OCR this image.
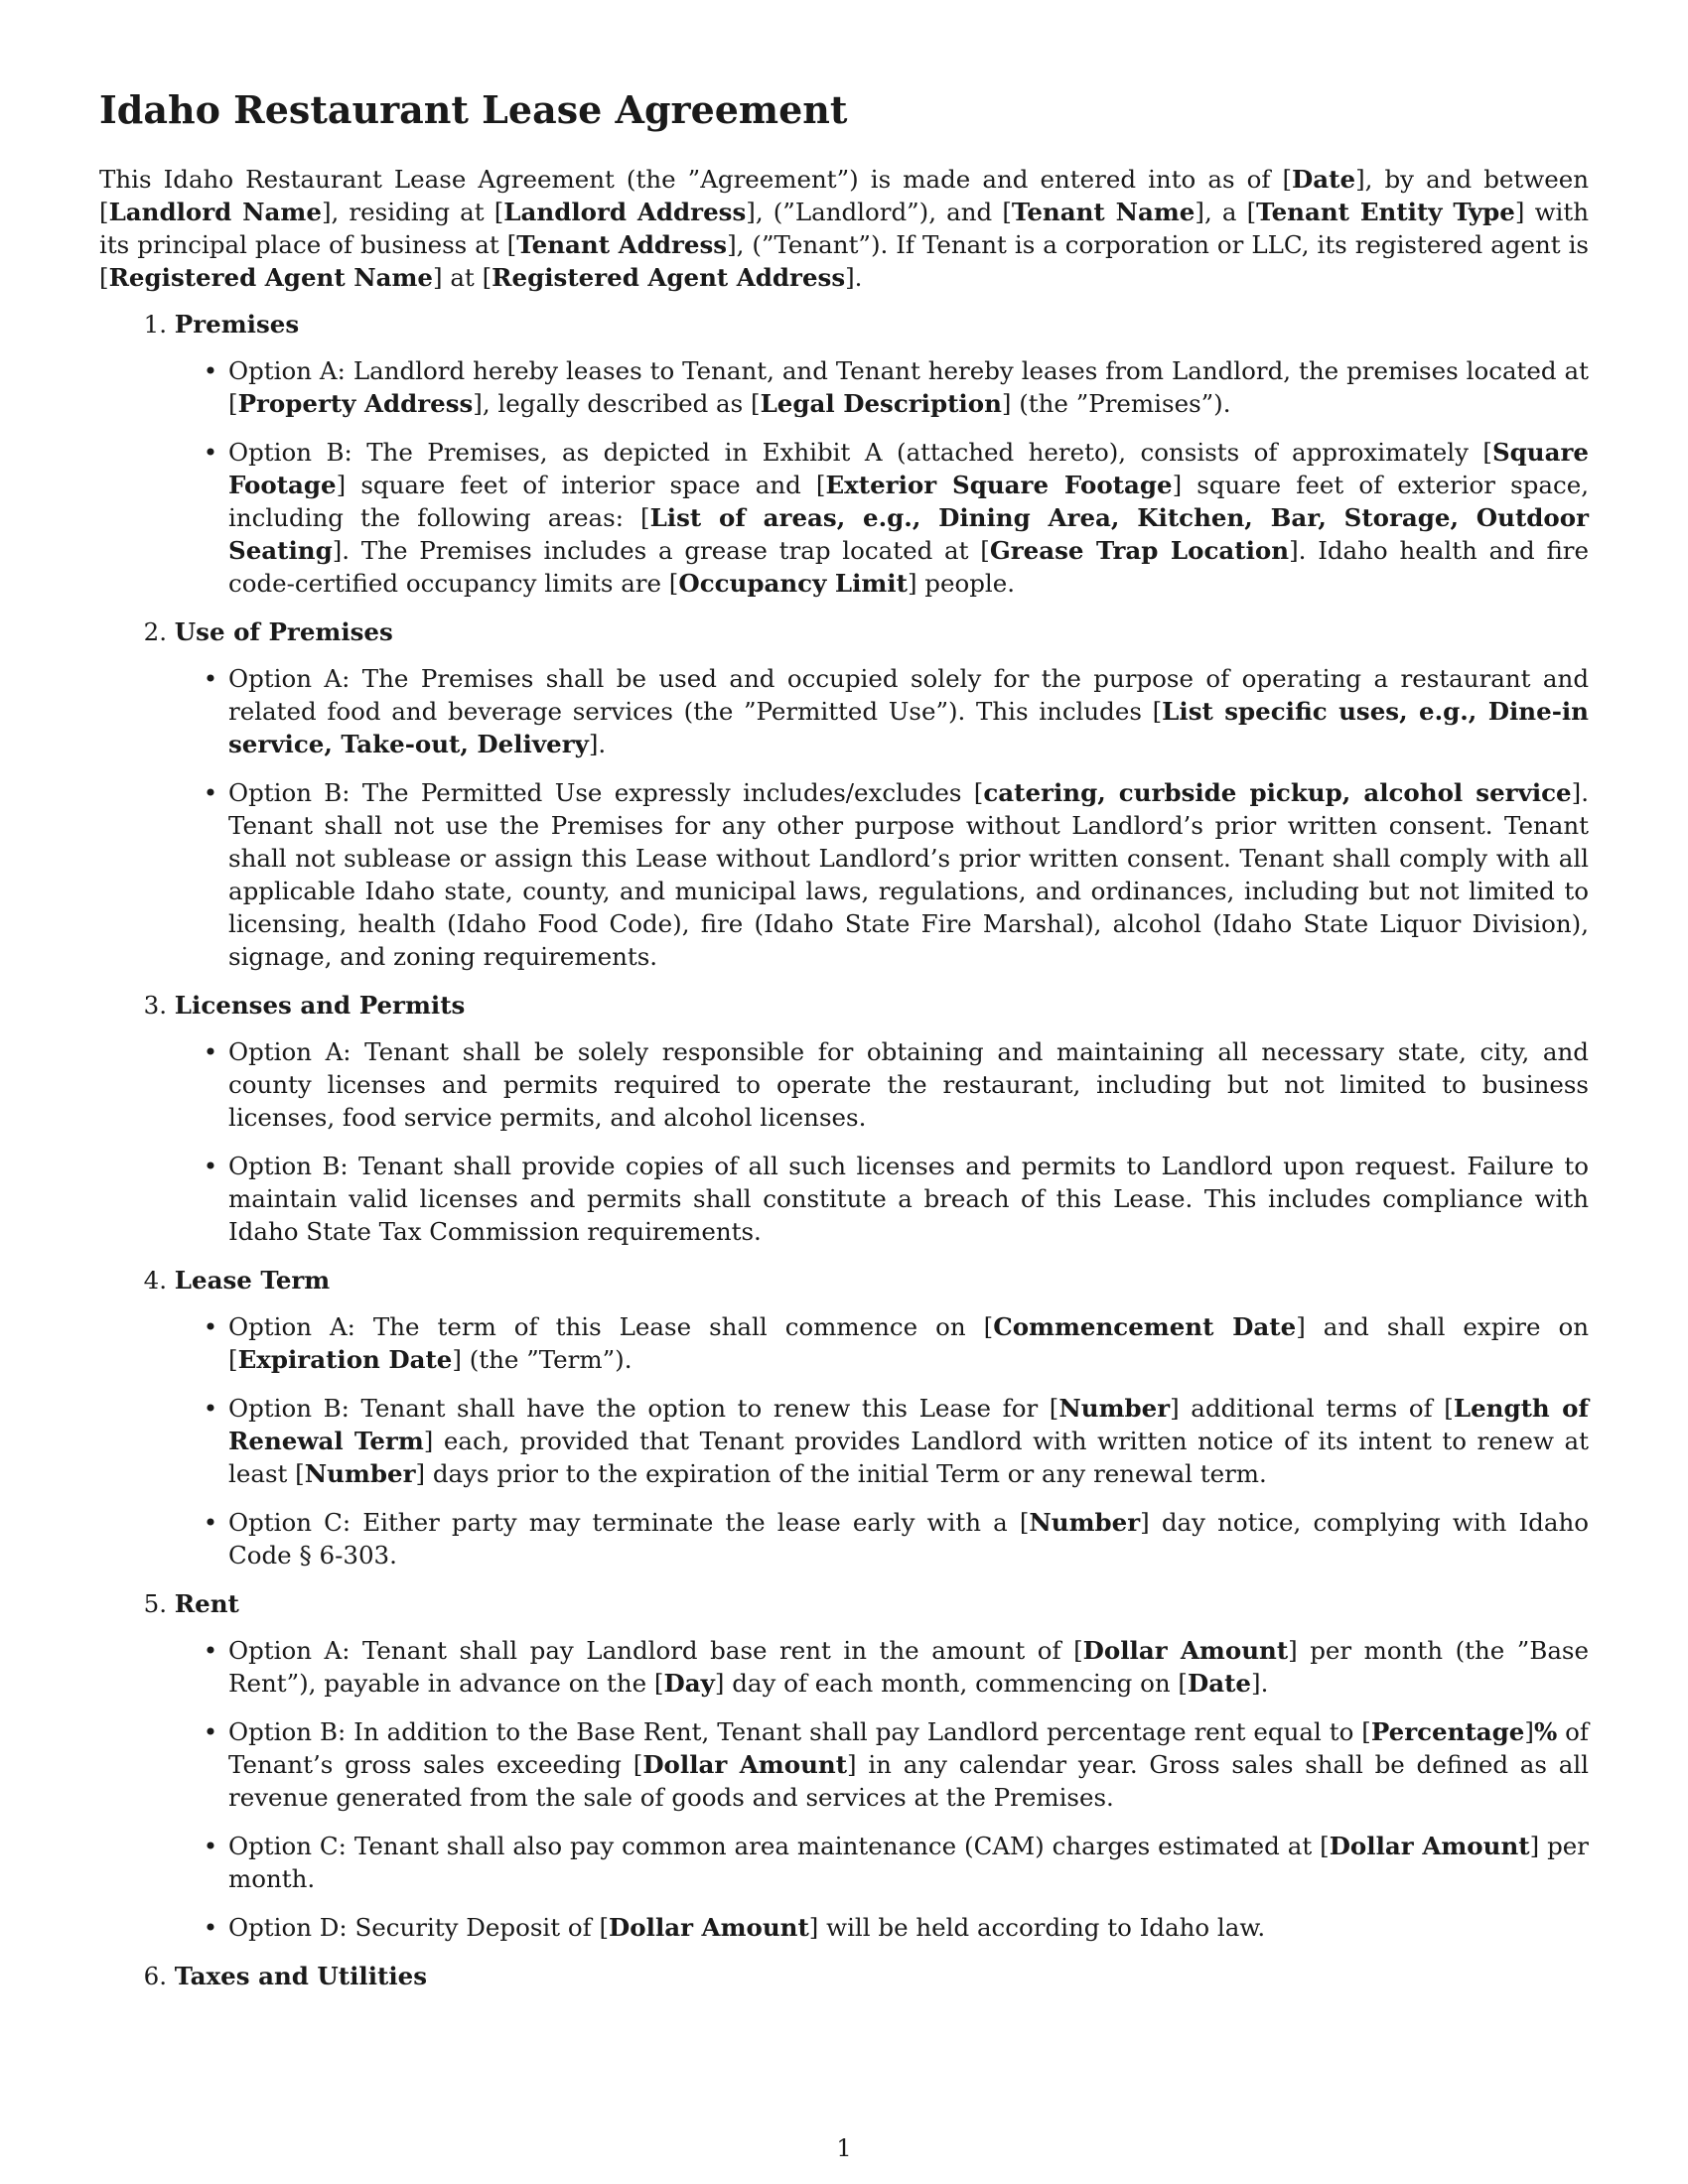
Idaho Restaurant Lease Agreement

This Idaho Restaurant Lease Agreement (the ”Agreement”) is made and entered into as of [Date], by and between [Landlord Name], residing at [Landlord Address], (”Landlord”), and [Tenant Name], a [Tenant Entity Type] with its principal place of business at [Tenant Address], (”Tenant”). If Tenant is a corporation or LLC, its registered agent is [Registered Agent Name] at [Registered Agent Address].

1.
Premises
• Option A: Landlord hereby leases to Tenant, and Tenant hereby leases from Landlord, the premises located at [Property Address], legally described as [Legal Description] (the ”Premises”).
• Option B: The Premises, as depicted in Exhibit A (attached hereto), consists of approximately [Square Footage] square feet of interior space and [Exterior Square Footage] square feet of exterior space, including the following areas: [List of areas, e.g., Dining Area, Kitchen, Bar, Storage, Outdoor Seating]. The Premises includes a grease trap located at [Grease Trap Location]. Idaho health and fire code-certified occupancy limits are [Occupancy Limit] people.
2.
Use of Premises
• Option A: The Premises shall be used and occupied solely for the purpose of operating a restaurant and related food and beverage services (the ”Permitted Use”). This includes [List specific uses, e.g., Dine-in service, Take-out, Delivery].
• Option B: The Permitted Use expressly includes/excludes [catering, curbside pickup, alcohol service]. Tenant shall not use the Premises for any other purpose without Landlord’s prior written consent. Tenant shall not sublease or assign this Lease without Landlord’s prior written consent. Tenant shall comply with all applicable Idaho state, county, and municipal laws, regulations, and ordinances, including but not limited to licensing, health (Idaho Food Code), fire (Idaho State Fire Marshal), alcohol (Idaho State Liquor Division), signage, and zoning requirements.
3.
Licenses and Permits
• Option A: Tenant shall be solely responsible for obtaining and maintaining all necessary state, city, and county licenses and permits required to operate the restaurant, including but not limited to business licenses, food service permits, and alcohol licenses.
• Option B: Tenant shall provide copies of all such licenses and permits to Landlord upon request. Failure to maintain valid licenses and permits shall constitute a breach of this Lease. This includes compliance with Idaho State Tax Commission requirements.
4.
Lease Term
• Option A: The term of this Lease shall commence on [Commencement Date] and shall expire on [Expiration Date] (the ”Term”).
• Option B: Tenant shall have the option to renew this Lease for [Number] additional terms of [Length of Renewal Term] each, provided that Tenant provides Landlord with written notice of its intent to renew at least [Number] days prior to the expiration of the initial Term or any renewal term.
• Option C: Either party may terminate the lease early with a [Number] day notice, complying with Idaho Code § 6-303.
5.
Rent
• Option A: Tenant shall pay Landlord base rent in the amount of [Dollar Amount] per month (the ”Base Rent”), payable in advance on the [Day] day of each month, commencing on [Date].
• Option B: In addition to the Base Rent, Tenant shall pay Landlord percentage rent equal to [Percentage]% of Tenant’s gross sales exceeding [Dollar Amount] in any calendar year. Gross sales shall be defined as all revenue generated from the sale of goods and services at the Premises.
• Option C: Tenant shall also pay common area maintenance (CAM) charges estimated at [Dollar Amount] per month.
• Option D: Security Deposit of [Dollar Amount] will be held according to Idaho law.
6.
Taxes and Utilities
1
